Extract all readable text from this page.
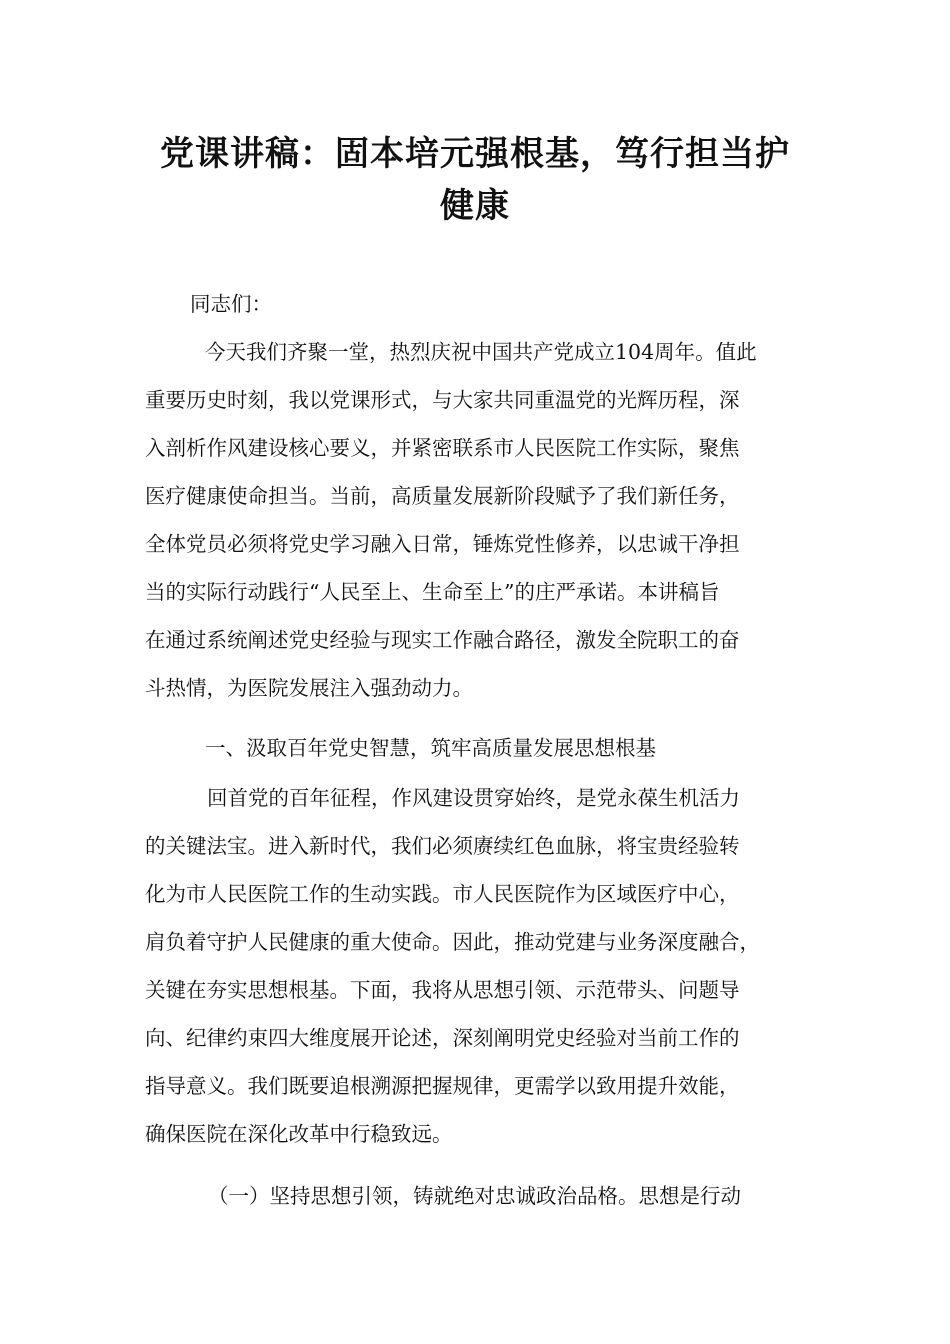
党课讲稿：固本培元强根基，笃行担当护
健康

同志们：

今天我们齐聚一堂，热烈庆祝中国共产党成立104周年。值此
重要历史时刻，我以党课形式，与大家共同重温党的光辉历程，深
入剖析作风建设核心要义，并紧密联系市人民医院工作实际，聚焦
医疗健康使命担当。当前，高质量发展新阶段赋予了我们新任务，
全体党员必须将党史学习融入日常，锤炼党性修养，以忠诚干净担
当的实际行动践行“人民至上、生命至上”的庄严承诺。本讲稿旨
在通过系统阐述党史经验与现实工作融合路径，激发全院职工的奋
斗热情，为医院发展注入强劲动力。
一、汲取百年党史智慧，筑牢高质量发展思想根基
回首党的百年征程，作风建设贯穿始终，是党永葆生机活力
的关键法宝。进入新时代，我们必须赓续红色血脉，将宝贵经验转
化为市人民医院工作的生动实践。市人民医院作为区域医疗中心，
肩负着守护人民健康的重大使命。因此，推动党建与业务深度融合，
关键在夯实思想根基。下面，我将从思想引领、示范带头、问题导
向、纪律约束四大维度展开论述，深刻阐明党史经验对当前工作的
指导意义。我们既要追根溯源把握规律，更需学以致用提升效能，
确保医院在深化改革中行稳致远。
（一）坚持思想引领，铸就绝对忠诚政治品格。思想是行动
